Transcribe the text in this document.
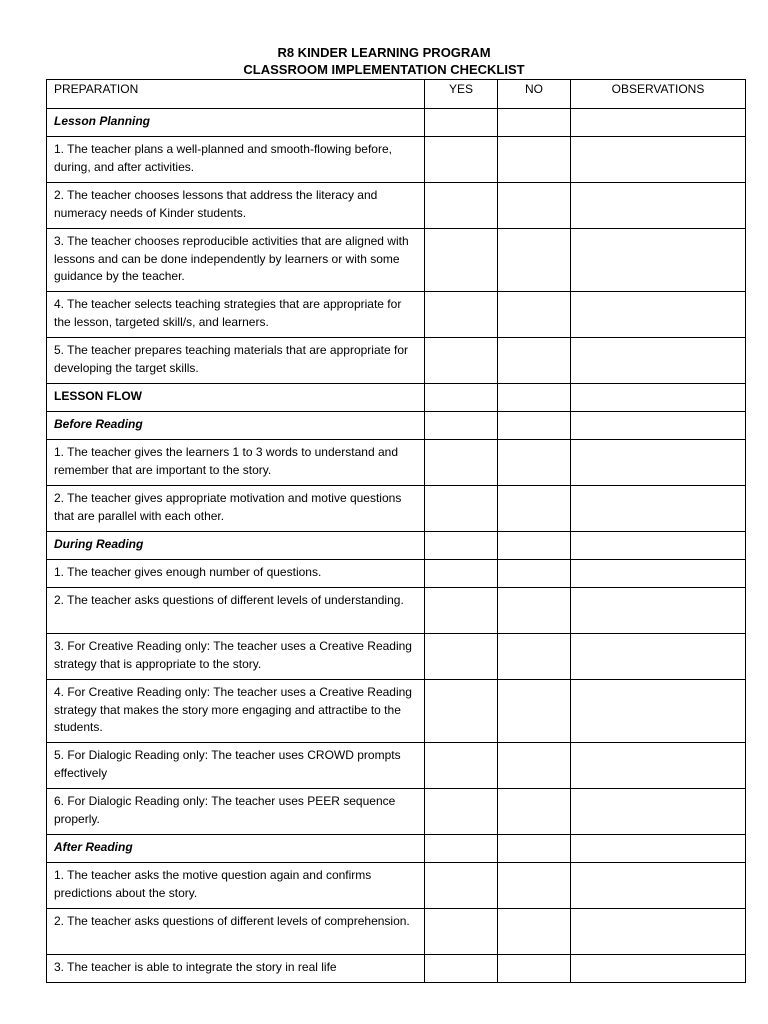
R8 KINDER LEARNING PROGRAM
CLASSROOM IMPLEMENTATION CHECKLIST
PREPARATION	YES	NO	OBSERVATIONS
Lesson Planning			
1. The teacher plans a well-planned and smooth-flowing before, during, and after activities.			
2. The teacher chooses lessons that address the literacy and numeracy needs of Kinder students.			
3. The teacher chooses reproducible activities that are aligned with lessons and can be done independently by learners or with some guidance by the teacher.			
4. The teacher selects teaching strategies that are appropriate for the lesson, targeted skill/s, and learners.			
5. The teacher prepares teaching materials that are appropriate for developing the target skills.			
LESSON FLOW			
Before Reading			
1. The teacher gives the learners 1 to 3 words to understand and remember that are important to the story.			
2. The teacher gives appropriate motivation and motive questions that are parallel with each other.			
During Reading			
1. The teacher gives enough number of questions.			
2. The teacher asks questions of different levels of understanding.			
3. For Creative Reading only: The teacher uses a Creative Reading strategy that is appropriate to the story.			
4. For Creative Reading only: The teacher uses a Creative Reading strategy that makes the story more engaging and attractibe to the students.			
5. For Dialogic Reading only: The teacher uses CROWD prompts effectively			
6. For Dialogic Reading only: The teacher uses PEER sequence properly.			
After Reading			
1. The teacher asks the motive question again and confirms predictions about the story.			
2. The teacher asks questions of different levels of comprehension.			
3. The teacher is able to integrate the story in real life			
